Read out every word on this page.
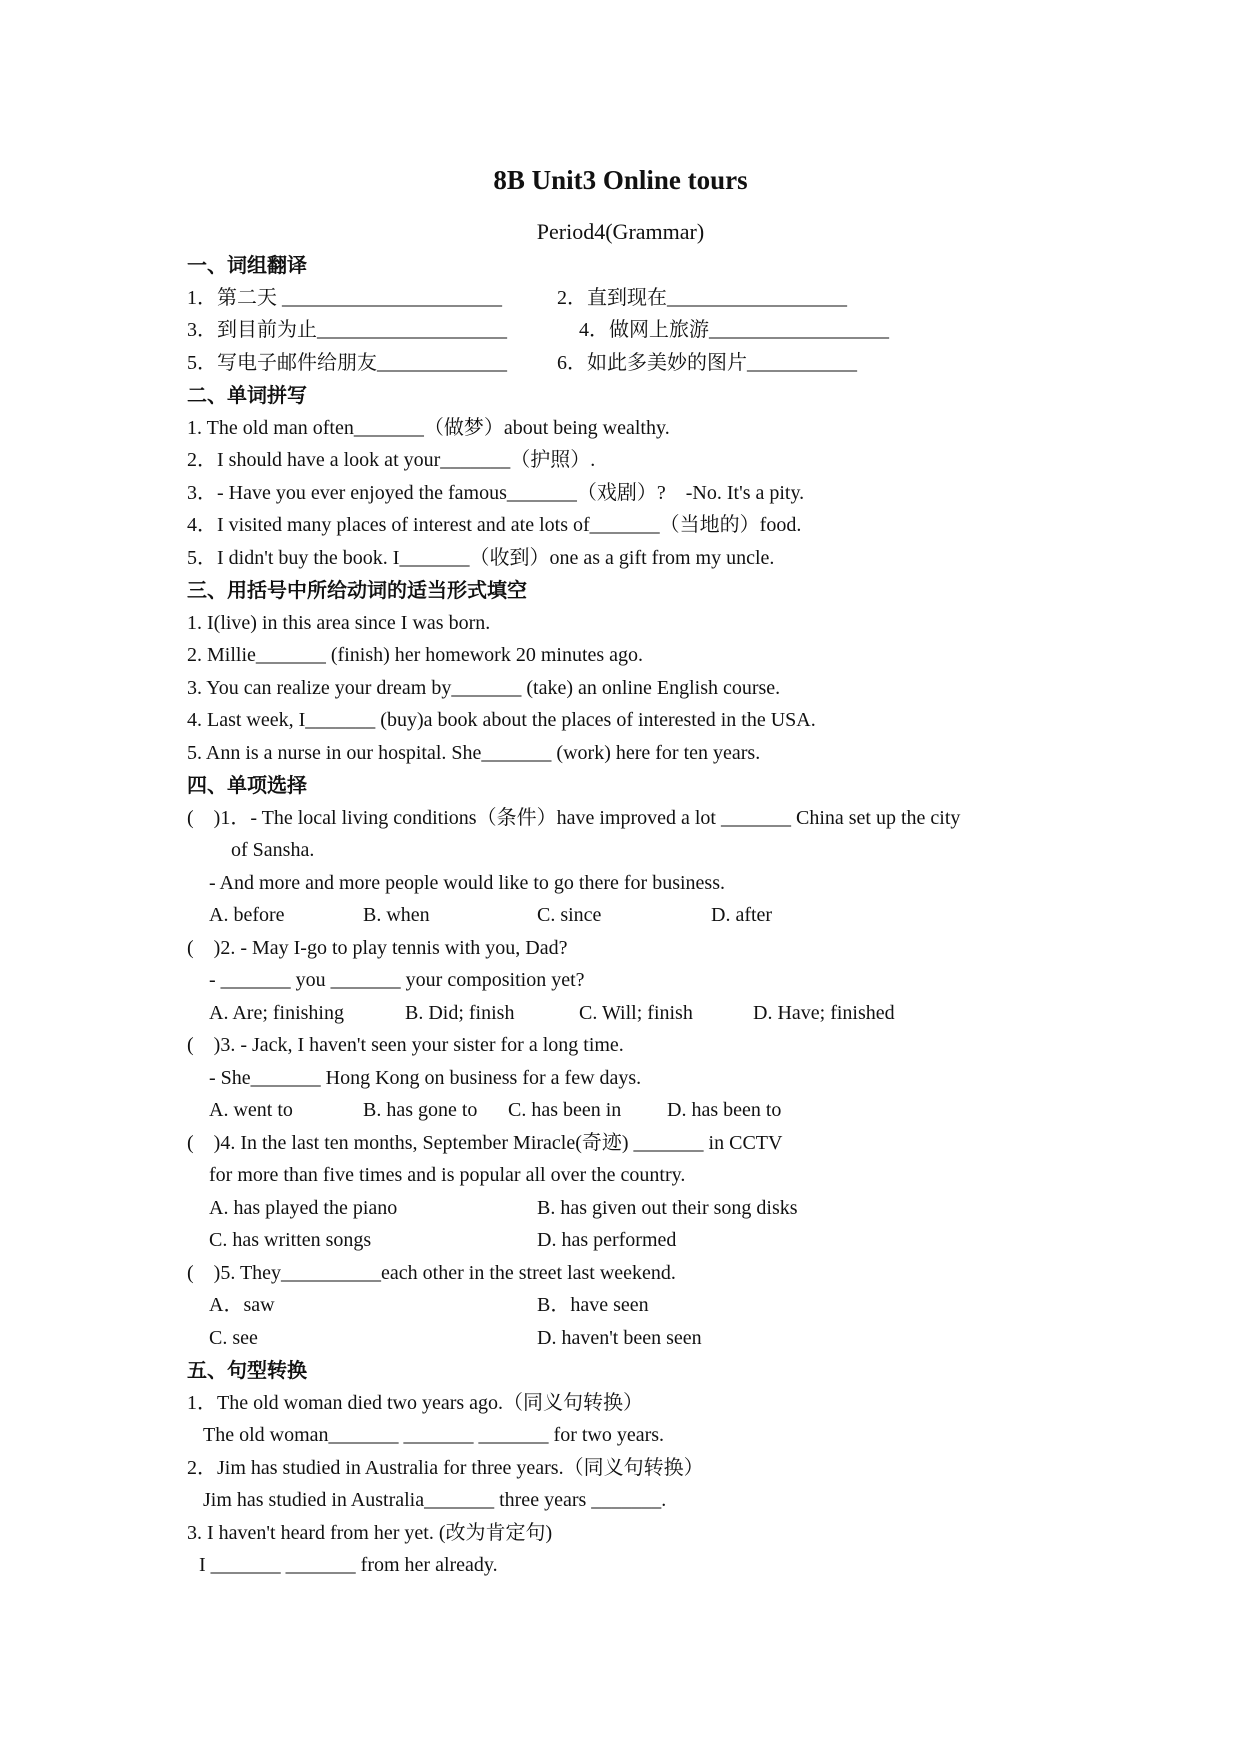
8B Unit3 Online tours
Period4(Grammar)
一、词组翻译
1．第二天 ______________________	2．直到现在__________________
3．到目前为止___________________	4．做网上旅游__________________
5．写电子邮件给朋友_____________	6．如此多美妙的图片___________
二、单词拼写
1. The old man often_______（做梦）about being wealthy.
2．I should have a look at your_______（护照）.
3．- Have you ever enjoyed the famous_______（戏剧）?    -No. It's a pity.
4．I visited many places of interest and ate lots of_______（当地的）food.
5．I didn't buy the book. I_______（收到）one as a gift from my uncle.
三、用括号中所给动词的适当形式填空
1. I(live) in this area since I was born.
2. Millie_______ (finish) her homework 20 minutes ago.
3. You can realize your dream by_______ (take) an online English course.
4. Last week, I_______ (buy)a book about the places of interested in the USA.
5. Ann is a nurse in our hospital. She_______ (work) here for ten years.
四、单项选择
(    )1．- The local living conditions（条件）have improved a lot _______ China set up the city
of Sansha.
- And more and more people would like to go there for business.
A. before	B. when	C. since	D. after
(    )2. - May I-go to play tennis with you, Dad?
- _______ you _______ your composition yet?
A. Are; finishing	B. Did; finish	C. Will; finish	D. Have; finished
(    )3. - Jack, I haven't seen your sister for a long time.
- She_______ Hong Kong on business for a few days.
A. went to	B. has gone to	C. has been in	D. has been to
(    )4. In the last ten months, September Miracle(奇迹) _______ in CCTV
for more than five times and is popular all over the country.
A. has played the piano	B. has given out their song disks
C. has written songs	D. has performed
(    )5. They__________each other in the street last weekend.
A．saw	B．have seen
C. see	D. haven't been seen
五、句型转换
1．The old woman died two years ago.（同义句转换）
The old woman_______ _______ _______ for two years.
2．Jim has studied in Australia for three years.（同义句转换）
Jim has studied in Australia_______ three years _______.
3. I haven't heard from her yet. (改为肯定句)
I _______ _______ from her already.
